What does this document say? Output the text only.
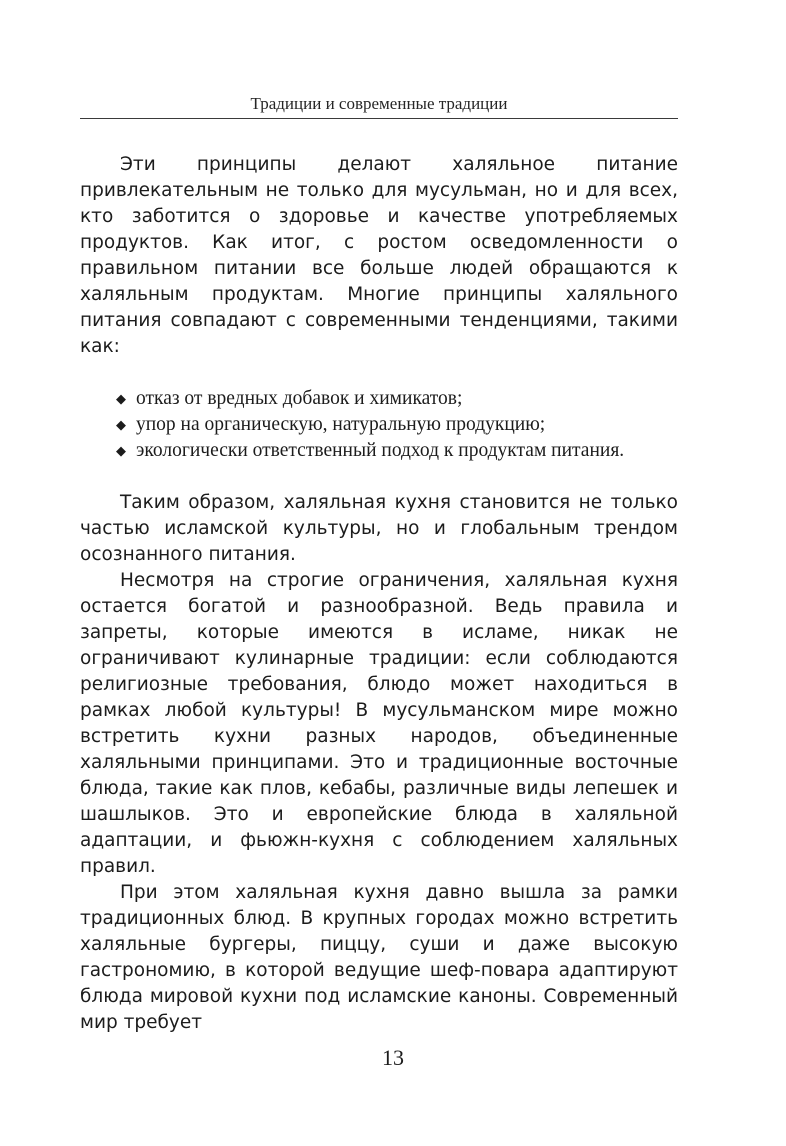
Традиции и современные традиции

Эти принципы делают халяльное питание привлекательным не только для мусульман, но и для всех, кто заботится о здоровье и качестве употребляемых продуктов. Как итог, с ростом осведомленности о правильном питании все больше людей обращаются к халяльным продуктам. Многие принципы халяльного питания совпадают с современными тенденциями, такими как:

◆ отказ от вредных добавок и химикатов;
◆ упор на органическую, натуральную продукцию;
◆ экологически ответственный подход к продуктам питания.

Таким образом, халяльная кухня становится не только частью исламской культуры, но и глобальным трендом осознанного питания.

Несмотря на строгие ограничения, халяльная кухня остается богатой и разнообразной. Ведь правила и запреты, которые имеются в исламе, никак не ограничивают кулинарные традиции: если соблюдаются религиозные требования, блюдо может находиться в рамках любой культуры! В мусульманском мире можно встретить кухни разных народов, объединенные халяльными принципами. Это и традиционные восточные блюда, такие как плов, кебабы, различные виды лепешек и шашлыков. Это и европейские блюда в халяльной адаптации, и фьюжн-кухня с соблюдением халяльных правил.

При этом халяльная кухня давно вышла за рамки традиционных блюд. В крупных городах можно встретить халяльные бургеры, пиццу, суши и даже высокую гастрономию, в которой ведущие шеф-повара адаптируют блюда мировой кухни под исламские каноны. Современный мир требует

13
